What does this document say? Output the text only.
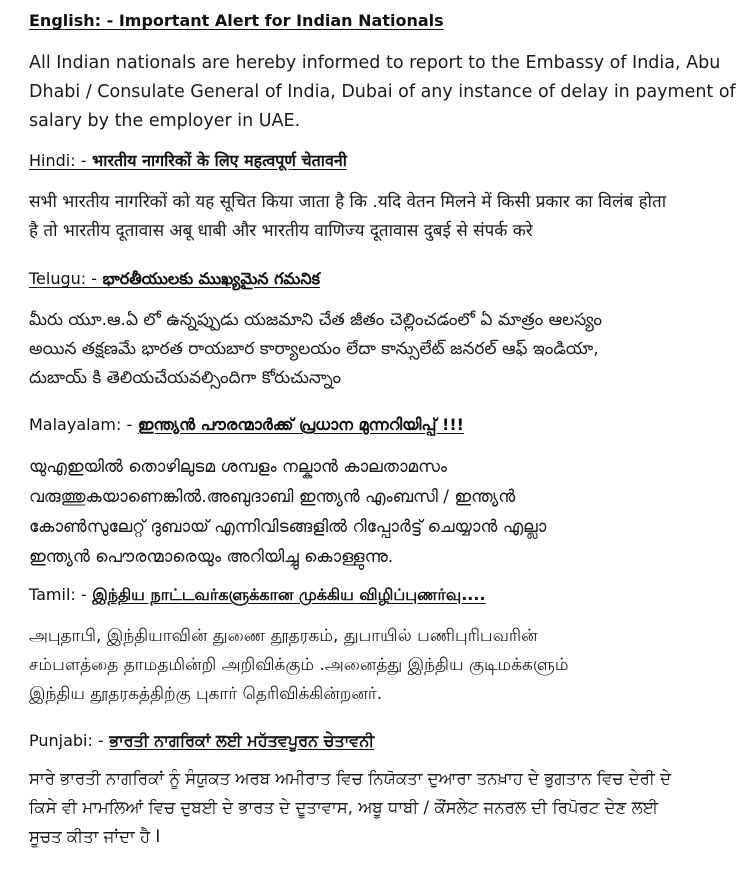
English: - Important Alert for Indian Nationals

All Indian nationals are hereby informed to report to the Embassy of India, Abu
Dhabi / Consulate General of India, Dubai of any instance of delay in payment of
salary by the employer in UAE.

Hindi: - भारतीय नागरिकों के लिए महत्वपूर्ण चेतावनी

सभी भारतीय नागरिकों को यह सूचित किया जाता है कि .यदि वेतन मिलने में किसी प्रकार का विलंब होता
है तो भारतीय दूतावास अबू धाबी और भारतीय वाणिज्य दूतावास दुबई से संपर्क करे

Telugu: - భారతీయులకు ముఖ్యమైన గమనిక

మీరు యూ.ఆ.ఏ లో ఉన్నప్పుడు యజమాని చేత జీతం చెల్లించడంలో ఏ మాత్రం ఆలస్యం
అయిన తక్షణమే భారత రాయబార కార్యాలయం లేదా కాన్సులేట్ జనరల్ ఆఫ్ ఇండియా,
దుబాయ్ కి తెలియచేయవల్సిందిగా కోరుచున్నాం

Malayalam: - ഇന്ത്യൻ പൗരന്മാർക്ക് പ്രധാന മുന്നറിയിപ്പ് !!!

യുഎഇയിൽ തൊഴിലുടമ ശമ്പളം നല്കാൻ കാലതാമസം
വരുത്തുകയാണെങ്കിൽ.അബുദാബി ഇന്ത്യൻ എംബസി / ഇന്ത്യൻ
കോൺസുലേറ്റ് ദുബായ് എന്നിവിടങ്ങളിൽ റിപ്പോർട്ട് ചെയ്യാൻ എല്ലാ
ഇന്ത്യൻ പൌരന്മാരെയും അറിയിച്ചു കൊള്ളുന്നു.

Tamil: - இந்திய நாட்டவர்களுக்கான முக்கிய விழிப்புணர்வு....

அபுதாபி, இந்தியாவின் துணை தூதரகம், துபாயில் பணிபுரிபவரின்
சம்பளத்தை தாமதமின்றி அறிவிக்கும் .அனைத்து இந்திய குடிமக்களும்
இந்திய தூதரகத்திற்கு புகார் தெரிவிக்கின்றனர்.

Punjabi: - ਭਾਰਤੀ ਨਾਗਰਿਕਾਂ ਲਈ ਮਹੱਤਵਪੂਰਨ ਚੇਤਾਵਨੀ

ਸਾਰੇ ਭਾਰਤੀ ਨਾਗਰਿਕਾਂ ਨੂੰ ਸੰਯੁਕਤ ਅਰਬ ਅਮੀਰਾਤ ਵਿਚ ਨਿਯੋਕਤਾ ਦੁਆਰਾ ਤਨਖ਼ਾਹ ਦੇ ਭੁਗਤਾਨ ਵਿਚ ਦੇਰੀ ਦੇ
ਕਿਸੇ ਵੀ ਮਾਮਲਿਆਂ ਵਿਚ ਦੁਬਈ ਦੇ ਭਾਰਤ ਦੇ ਦੂਤਾਵਾਸ, ਅਬੂ ਧਾਬੀ / ਕੌਂਸਲੇਟ ਜਨਰਲ ਦੀ ਰਿਪੋਰਟ ਦੇਣ ਲਈ
ਸੂਚਤ ਕੀਤਾ ਜਾਂਦਾ ਹੈ I
